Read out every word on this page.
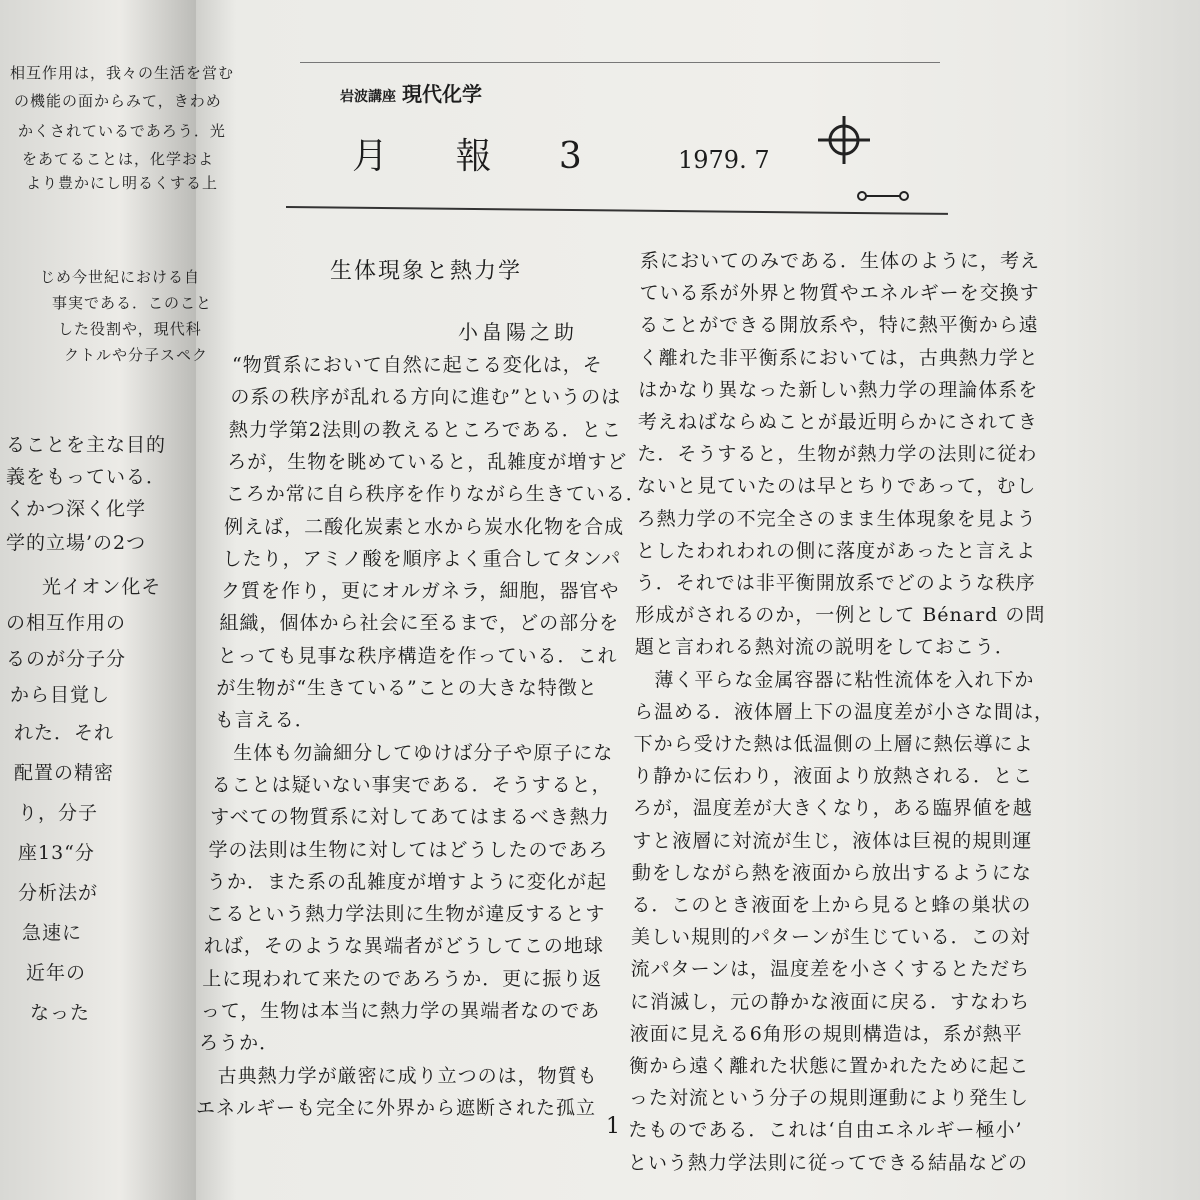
岩波講座 現代化学
月 報 3	1979. 7
生体現象と熱力学
小畠陽之助
“物質系において自然に起こる変化は，そ
の系の秩序が乱れる方向に進む”というのは
熱力学第2法則の教えるところである．とこ
ろが，生物を眺めていると，乱雑度が増すど
ころか常に自ら秩序を作りながら生きている．
例えば，二酸化炭素と水から炭水化物を合成
したり，アミノ酸を順序よく重合してタンパ
ク質を作り，更にオルガネラ，細胞，器官や
組織，個体から社会に至るまで，どの部分を
とっても見事な秩序構造を作っている．これ
が生物が“生きている”ことの大きな特徴と
も言える．
　生体も勿論細分してゆけば分子や原子にな
ることは疑いない事実である．そうすると，
すべての物質系に対してあてはまるべき熱力
学の法則は生物に対してはどうしたのであろ
うか．また系の乱雑度が増すように変化が起
こるという熱力学法則に生物が違反するとす
れば，そのような異端者がどうしてこの地球
上に現われて来たのであろうか．更に振り返
って，生物は本当に熱力学の異端者なのであ
ろうか．
　古典熱力学が厳密に成り立つのは，物質も
エネルギーも完全に外界から遮断された孤立
系においてのみである．生体のように，考え
ている系が外界と物質やエネルギーを交換す
ることができる開放系や，特に熱平衡から遠
く離れた非平衡系においては，古典熱力学と
はかなり異なった新しい熱力学の理論体系を
考えねばならぬことが最近明らかにされてき
た．そうすると，生物が熱力学の法則に従わ
ないと見ていたのは早とちりであって，むし
ろ熱力学の不完全さのまま生体現象を見よう
としたわれわれの側に落度があったと言えよ
う．それでは非平衡開放系でどのような秩序
形成がされるのか，一例として Bénard の問
題と言われる熱対流の説明をしておこう．
　薄く平らな金属容器に粘性流体を入れ下か
ら温める．液体層上下の温度差が小さな間は，
下から受けた熱は低温側の上層に熱伝導によ
り静かに伝わり，液面より放熱される．とこ
ろが，温度差が大きくなり，ある臨界値を越
すと液層に対流が生じ，液体は巨視的規則運
動をしながら熱を液面から放出するようにな
る．このとき液面を上から見ると蜂の巣状の
美しい規則的パターンが生じている．この対
流パターンは，温度差を小さくするとただち
に消滅し，元の静かな液面に戻る．すなわち
液面に見える6角形の規則構造は，系が熱平
衡から遠く離れた状態に置かれたために起こ
った対流という分子の規則運動により発生し
たものである．これは‘自由エネルギー極小’
という熱力学法則に従ってできる結晶などの
相互作用は，我々の生活を営む
の機能の面からみて，きわめ
かくされているであろう．光
をあてることは，化学およ
より豊かにし明るくする上
じめ今世紀における自
事実である．このこと
した役割や，現代科
クトルや分子スペク
ることを主な目的
義をもっている．
くかつ深く化学
学的立場’の2つ
光イオン化そ
の相互作用の
るのが分子分
から目覚し
れた．それ
配置の精密
り，分子
座13“分
分析法が
急速に
近年の
なった
1
